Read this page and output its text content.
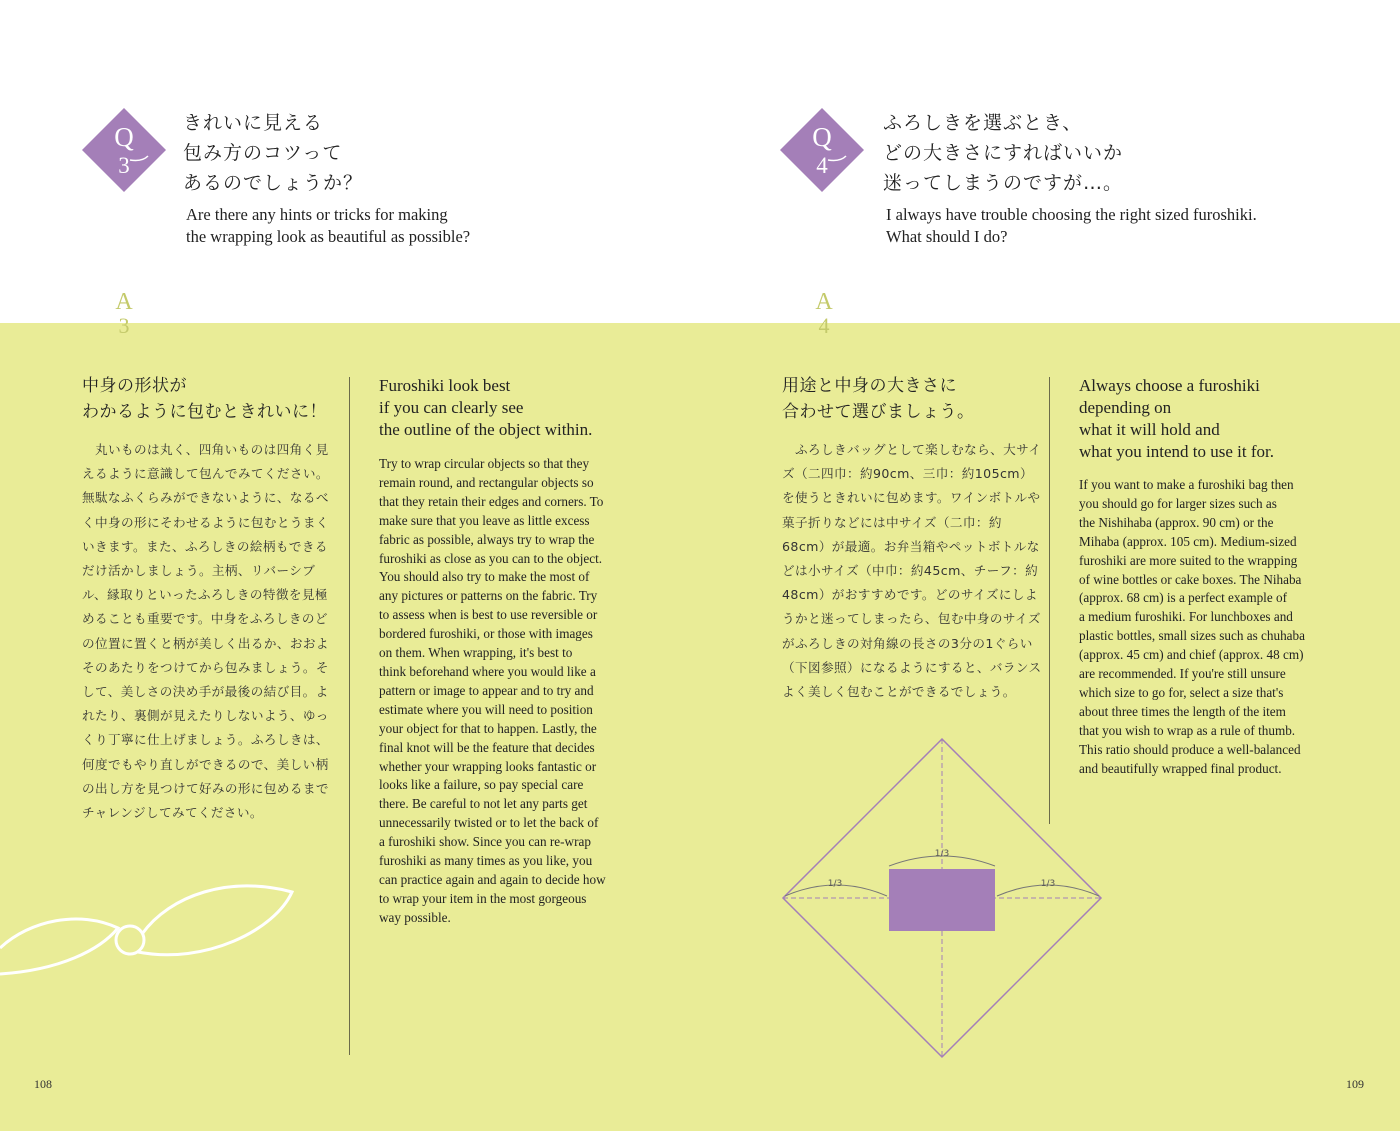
Q
3
きれいに見える
包み方のコツって
あるのでしょうか？
Are there any hints or tricks for making
the wrapping look as beautiful as possible?
A
3
中身の形状が
わかるように包むときれいに！
　丸いものは丸く、四角いものは四角く見えるように意識して包んでみてください。無駄なふくらみができないように、なるべく中身の形にそわせるように包むとうまくいきます。また、ふろしきの絵柄もできるだけ活かしましょう。主柄、リバーシブル、縁取りといったふろしきの特徴を見極めることも重要です。中身をふろしきのどの位置に置くと柄が美しく出るか、おおよそのあたりをつけてから包みましょう。そして、美しさの決め手が最後の結び目。よれたり、裏側が見えたりしないよう、ゆっくり丁寧に仕上げましょう。ふろしきは、何度でもやり直しができるので、美しい柄の出し方を見つけて好みの形に包めるまでチャレンジしてみてください。
Furoshiki look best
if you can clearly see
the outline of the object within.
Try to wrap circular objects so that they
remain round, and rectangular objects so
that they retain their edges and corners. To
make sure that you leave as little excess
fabric as possible, always try to wrap the
furoshiki as close as you can to the object.
You should also try to make the most of
any pictures or patterns on the fabric. Try
to assess when is best to use reversible or
bordered furoshiki, or those with images
on them. When wrapping, it's best to
think beforehand where you would like a
pattern or image to appear and to try and
estimate where you will need to position
your object for that to happen. Lastly, the
final knot will be the feature that decides
whether your wrapping looks fantastic or
looks like a failure, so pay special care
there. Be careful to not let any parts get
unnecessarily twisted or to let the back of
a furoshiki show. Since you can re-wrap
furoshiki as many times as you like, you
can practice again and again to decide how
to wrap your item in the most gorgeous
way possible.
108
Q
4
ふろしきを選ぶとき、
どの大きさにすればいいか
迷ってしまうのですが…。
I always have trouble choosing the right sized furoshiki.
What should I do?
A
4
用途と中身の大きさに
合わせて選びましょう。
　ふろしきバッグとして楽しむなら、大サイズ（二四巾：約90cm、三巾：約105cm）を使うときれいに包めます。ワインボトルや菓子折りなどには中サイズ（二巾：約68cm）が最適。お弁当箱やペットボトルなどは小サイズ（中巾：約45cm、チーフ：約48cm）がおすすめです。どのサイズにしようかと迷ってしまったら、包む中身のサイズがふろしきの対角線の長さの3分の1ぐらい（下図参照）になるようにすると、バランスよく美しく包むことができるでしょう。
Always choose a furoshiki
depending on
what it will hold and
what you intend to use it for.
If you want to make a furoshiki bag then
you should go for larger sizes such as
the Nishihaba (approx. 90 cm) or the
Mihaba (approx. 105 cm). Medium-sized
furoshiki are more suited to the wrapping
of wine bottles or cake boxes. The Nihaba
(approx. 68 cm) is a perfect example of
a medium furoshiki. For lunchboxes and
plastic bottles, small sizes such as chuhaba
(approx. 45 cm) and chief (approx. 48 cm)
are recommended. If you're still unsure
which size to go for, select a size that's
about three times the length of the item
that you wish to wrap as a rule of thumb.
This ratio should produce a well-balanced
and beautifully wrapped final product.
1/3
1/3	1/3
109
